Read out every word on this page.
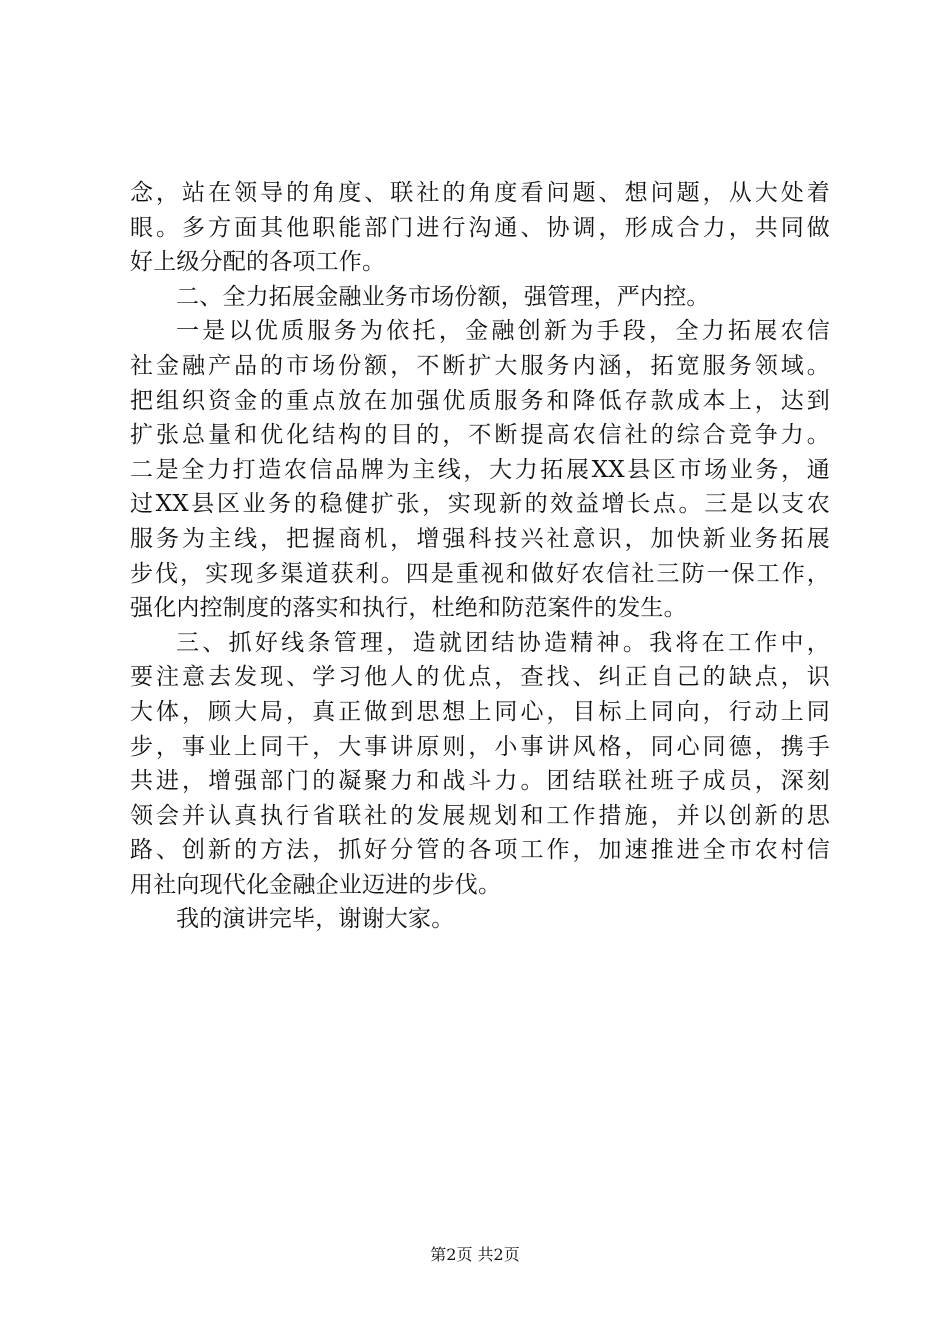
念，站在领导的角度、联社的角度看问题、想问题，从大处着
眼。多方面其他职能部门进行沟通、协调，形成合力，共同做
好上级分配的各项工作。
二、全力拓展金融业务市场份额，强管理，严内控。
一是以优质服务为依托，金融创新为手段，全力拓展农信
社金融产品的市场份额，不断扩大服务内涵，拓宽服务领域。
把组织资金的重点放在加强优质服务和降低存款成本上，达到
扩张总量和优化结构的目的，不断提高农信社的综合竞争力。
二是全力打造农信品牌为主线，大力拓展XX县区市场业务，通
过XX县区业务的稳健扩张，实现新的效益增长点。三是以支农
服务为主线，把握商机，增强科技兴社意识，加快新业务拓展
步伐，实现多渠道获利。四是重视和做好农信社三防一保工作，
强化内控制度的落实和执行，杜绝和防范案件的发生。
三、抓好线条管理，造就团结协造精神。我将在工作中，
要注意去发现、学习他人的优点，查找、纠正自己的缺点，识
大体，顾大局，真正做到思想上同心，目标上同向，行动上同
步，事业上同干，大事讲原则，小事讲风格，同心同德，携手
共进，增强部门的凝聚力和战斗力。团结联社班子成员，深刻
领会并认真执行省联社的发展规划和工作措施，并以创新的思
路、创新的方法，抓好分管的各项工作，加速推进全市农村信
用社向现代化金融企业迈进的步伐。
我的演讲完毕，谢谢大家。
第2页 共2页
